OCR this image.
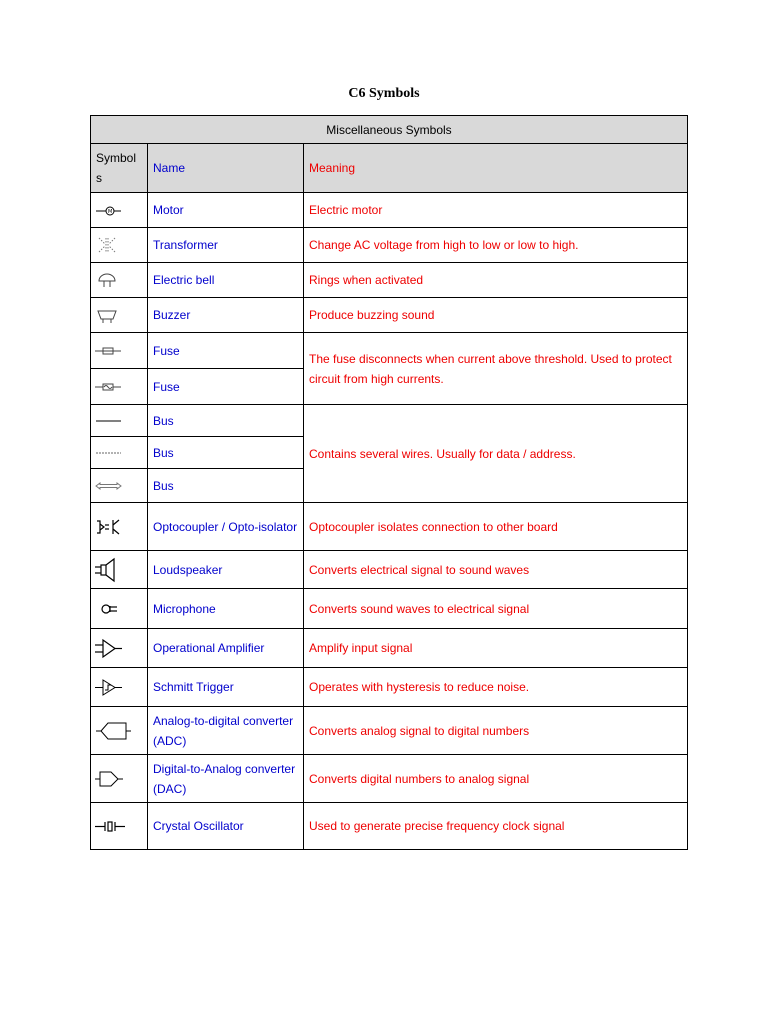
C6 Symbols
Miscellaneous Symbols		
Symbol s	Name	Meaning

M	Motor	Electric motor

	Transformer	Change AC voltage from high to low or low to high.

	Electric bell	Rings when activated

	Buzzer	Produce buzzing sound

	Fuse	The fuse disconnects when current above threshold. Used to protect circuit from high currents.

	Fuse	

	Bus	Contains several wires. Usually for data / address.

	Bus	

	Bus	

	Optocoupler / Opto-isolator	Optocoupler isolates connection to other board

	Loudspeaker	Converts electrical signal to sound waves

	Microphone	Converts sound waves to electrical signal

	Operational Amplifier	Amplify input signal

	Schmitt Trigger	Operates with hysteresis to reduce noise.

	Analog-to-digital converter (ADC)	Converts analog signal to digital numbers

	Digital-to-Analog converter (DAC)	Converts digital numbers to analog signal

	Crystal Oscillator	Used to generate precise frequency clock signal
